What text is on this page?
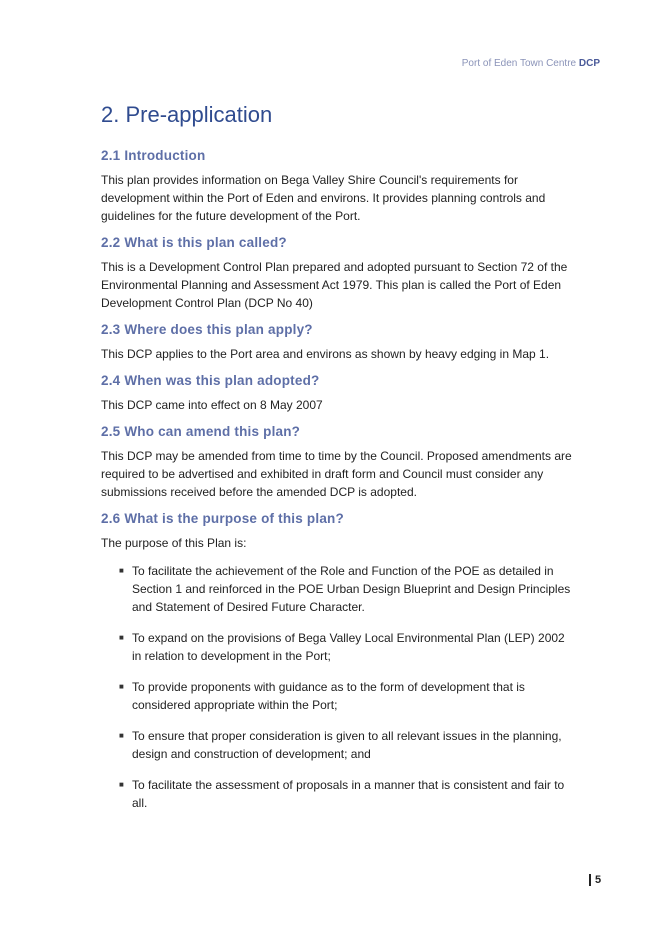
Port of Eden Town Centre DCP
2. Pre-application
2.1 Introduction

This plan provides information on Bega Valley Shire Council's requirements for development within the Port of Eden and environs. It provides planning controls and guidelines for the future development of the Port.

2.2 What is this plan called?

This is a Development Control Plan prepared and adopted pursuant to Section 72 of the Environmental Planning and Assessment Act 1979. This plan is called the Port of Eden Development Control Plan (DCP No 40)

2.3 Where does this plan apply?

This DCP applies to the Port area and environs as shown by heavy edging in Map 1.

2.4 When was this plan adopted?

This DCP came into effect on 8 May 2007

2.5 Who can amend this plan?

This DCP may be amended from time to time by the Council. Proposed amendments are required to be advertised and exhibited in draft form and Council must consider any submissions received before the amended DCP is adopted.

2.6 What is the purpose of this plan?

The purpose of this Plan is:

■ To facilitate the achievement of the Role and Function of the POE as detailed in Section 1 and reinforced in the POE Urban Design Blueprint and Design Principles and Statement of Desired Future Character.
■ To expand on the provisions of Bega Valley Local Environmental Plan (LEP) 2002 in relation to development in the Port;
■ To provide proponents with guidance as to the form of development that is considered appropriate within the Port;
■ To ensure that proper consideration is given to all relevant issues in the planning, design and construction of development; and
■ To facilitate the assessment of proposals in a manner that is consistent and fair to all.
5
